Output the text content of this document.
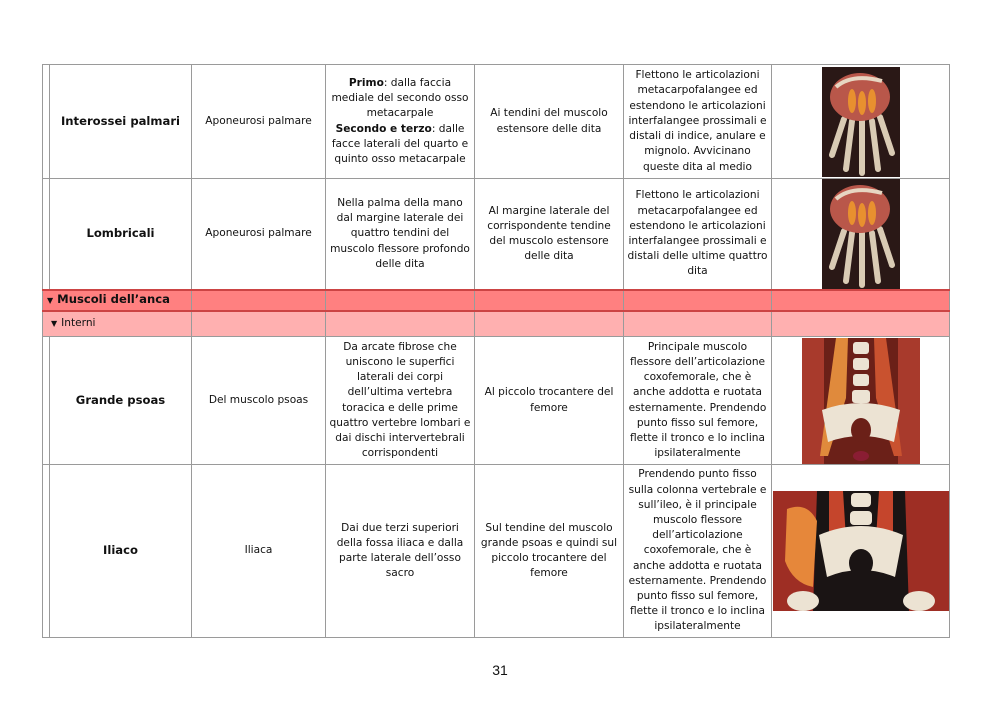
	Interossei palmari	Aponeurosi palmare	Primo: dalla faccia mediale del secondo osso metacarpale
Secondo e terzo: dalle facce laterali del quarto e quinto osso metacarpale	Ai tendini del muscolo estensore delle dita	Flettono le articolazioni metacarpofalangee ed estendono le articolazioni interfalangee prossimali e distali di indice, anulare e mignolo. Avvicinano queste dita al medio	

	Lombricali	Aponeurosi palmare	Nella palma della mano dal margine laterale dei quattro tendini del muscolo flessore profondo delle dita	Al margine laterale del corrispondente tendine del muscolo estensore delle dita	Flettono le articolazioni metacarpofalangee ed estendono le articolazioni interfalangee prossimali e distali delle ultime quattro dita	

▼ Muscoli dell’anca						
▼ Interni						
	Grande psoas	Del muscolo psoas	Da arcate fibrose che uniscono le superfici laterali dei corpi dell’ultima vertebra toracica e delle prime quattro vertebre lombari e dai dischi intervertebrali corrispondenti	Al piccolo trocantere del femore	Principale muscolo flessore dell’articolazione coxofemorale, che è anche addotta e ruotata esternamente. Prendendo punto fisso sul femore, flette il tronco e lo inclina ipsilateralmente	

	Iliaco	Iliaca	Dai due terzi superiori della fossa iliaca e dalla parte laterale dell’osso sacro	Sul tendine del muscolo grande psoas e quindi sul piccolo trocantere del femore	Prendendo punto fisso sulla colonna vertebrale e sull’ileo, è il principale muscolo flessore dell’articolazione coxofemorale, che è anche addotta e ruotata esternamente. Prendendo punto fisso sul femore, flette il tronco e lo inclina ipsilateralmente	
31
